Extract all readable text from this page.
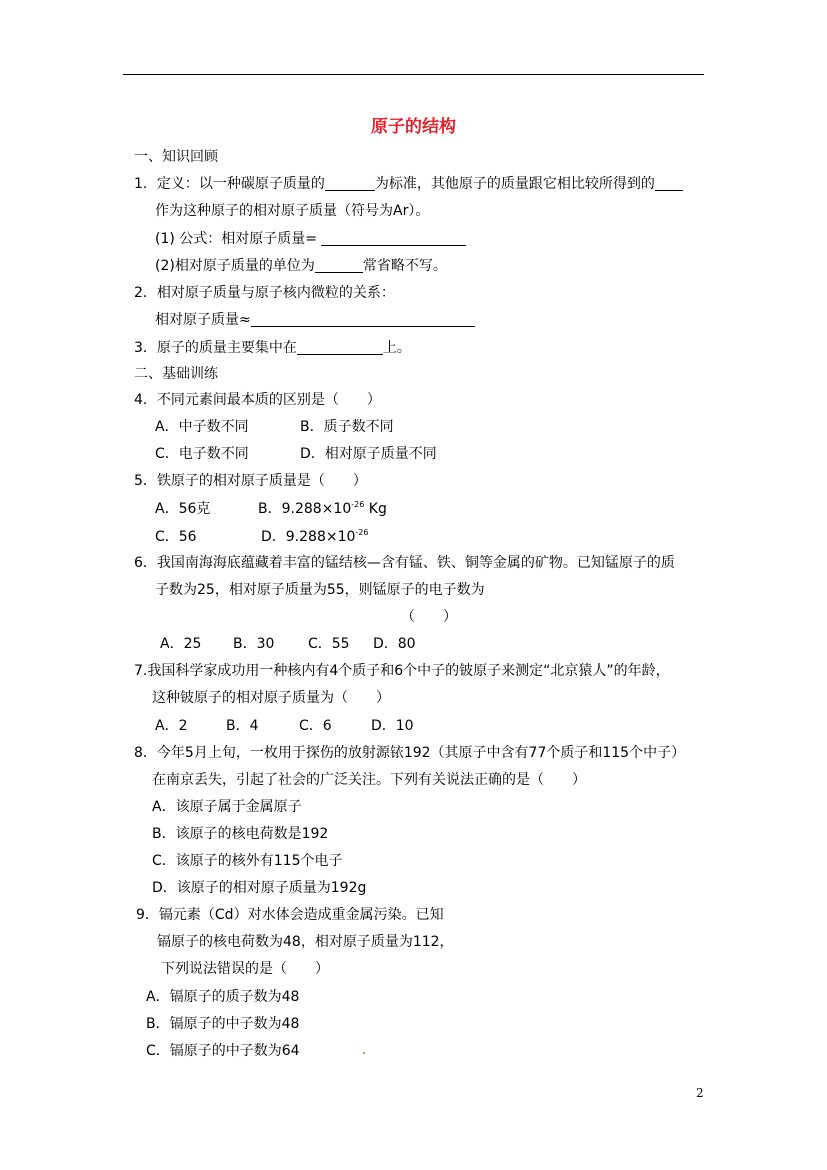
原子的结构
一、知识回顾
1．定义：以一种碳原子质量的	为标准，其他原子的质量跟它相比较所得到的
作为这种原子的相对原子质量（符号为Ar）。
(1) 公式：相对原子质量=
(2)相对原子质量的单位为	常省略不写。
2．相对原子质量与原子核内微粒的关系：
相对原子质量≈
3．原子的质量主要集中在	上。
二、基础训练
4．不同元素间最本质的区别是（　　）
A．中子数不同	B．质子数不同
C．电子数不同	D．相对原子质量不同
5．铁原子的相对原子质量是（　　）
A．56克	B．$9.288\times 10^{-26}$ Kg
C．56	D．$9.288\times 10^{-26}$
6．我国南海海底蕴藏着丰富的锰结核—含有锰、铁、铜等金属的矿物。已知锰原子的质
子数为25，相对原子质量为55，则锰原子的电子数为
（　　）
A．25 B．30 C．55 D．80
7.我国科学家成功用一种核内有4个质子和6个中子的铍原子来测定“北京猿人”的年龄，
这种铍原子的相对原子质量为（　　）
A．2	B．4	C．6	D．10
8．今年5月上旬，一枚用于探伤的放射源铱192（其原子中含有77个质子和115个中子）
在南京丢失，引起了社会的广泛关注。下列有关说法正确的是（　　）
A．该原子属于金属原子
B．该原子的核电荷数是192
C．该原子的核外有115个电子
D．该原子的相对原子质量为192g
9．镉元素（Cd）对水体会造成重金属污染。已知
镉原子的核电荷数为48，相对原子质量为112，
下列说法错误的是（　　）
A．镉原子的质子数为48
B．镉原子的中子数为48
C．镉原子的中子数为64
2
